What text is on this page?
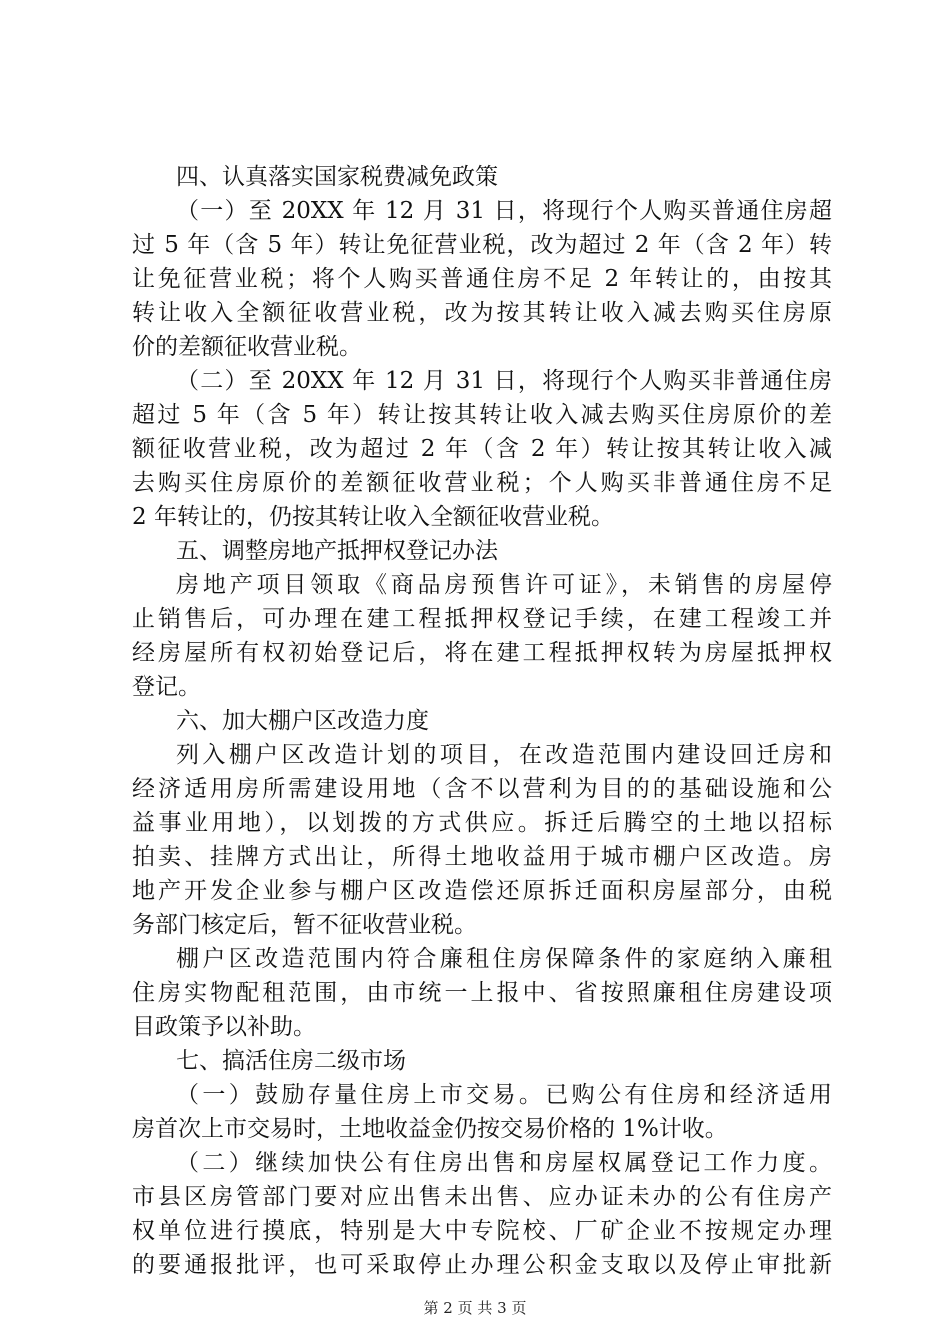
四、认真落实国家税费减免政策
（一）至 20XX 年 12 月 31 日，将现行个人购买普通住房超
过 5 年（含 5 年）转让免征营业税，改为超过 2 年（含 2 年）转
让免征营业税；将个人购买普通住房不足 2 年转让的，由按其
转让收入全额征收营业税，改为按其转让收入减去购买住房原
价的差额征收营业税。
（二）至 20XX 年 12 月 31 日，将现行个人购买非普通住房
超过 5 年（含 5 年）转让按其转让收入减去购买住房原价的差
额征收营业税，改为超过 2 年（含 2 年）转让按其转让收入减
去购买住房原价的差额征收营业税；个人购买非普通住房不足
2 年转让的，仍按其转让收入全额征收营业税。
五、调整房地产抵押权登记办法
房地产项目领取《商品房预售许可证》，未销售的房屋停
止销售后，可办理在建工程抵押权登记手续，在建工程竣工并
经房屋所有权初始登记后，将在建工程抵押权转为房屋抵押权
登记。
六、加大棚户区改造力度
列入棚户区改造计划的项目，在改造范围内建设回迁房和
经济适用房所需建设用地（含不以营利为目的的基础设施和公
益事业用地），以划拨的方式供应。拆迁后腾空的土地以招标
拍卖、挂牌方式出让，所得土地收益用于城市棚户区改造。房
地产开发企业参与棚户区改造偿还原拆迁面积房屋部分，由税
务部门核定后，暂不征收营业税。
棚户区改造范围内符合廉租住房保障条件的家庭纳入廉租
住房实物配租范围，由市统一上报中、省按照廉租住房建设项
目政策予以补助。
七、搞活住房二级市场
（一）鼓励存量住房上市交易。已购公有住房和经济适用
房首次上市交易时，土地收益金仍按交易价格的 1%计收。
（二）继续加快公有住房出售和房屋权属登记工作力度。
市县区房管部门要对应出售未出售、应办证未办的公有住房产
权单位进行摸底，特别是大中专院校、厂矿企业不按规定办理
的要通报批评，也可采取停止办理公积金支取以及停止审批新
第 2 页 共 3 页
